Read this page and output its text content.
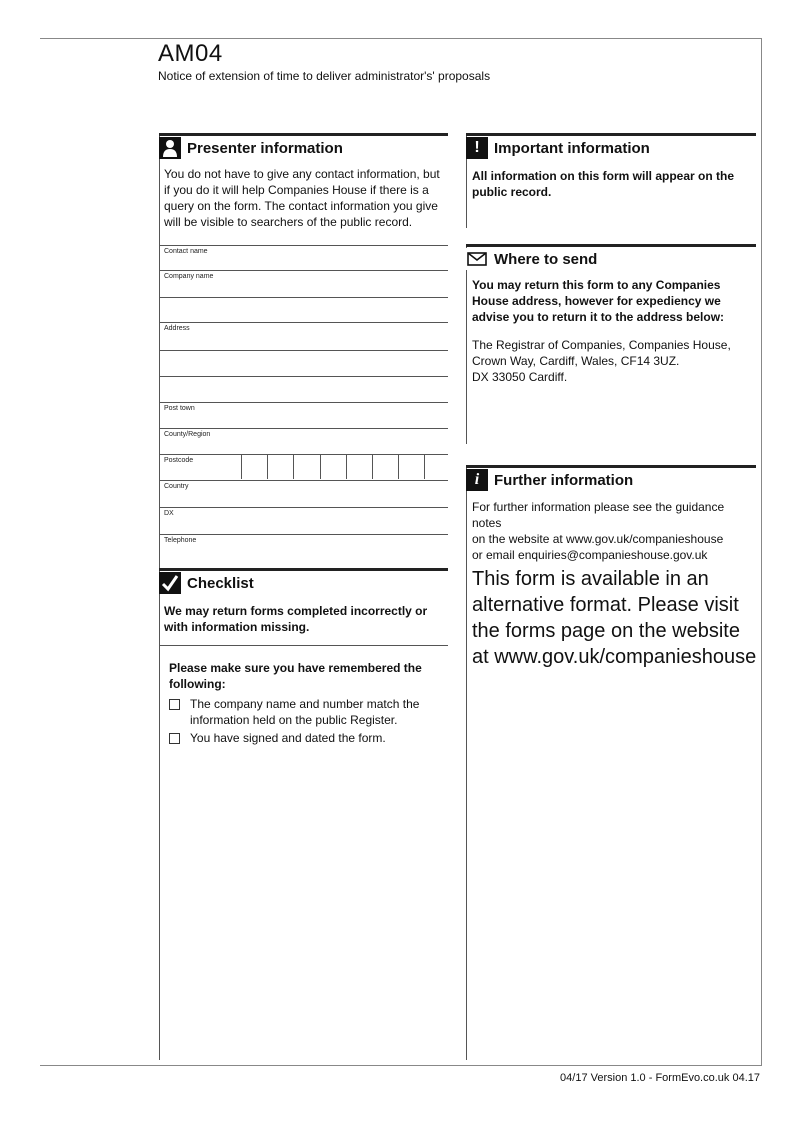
AM04
Notice of extension of time to deliver administrator's' proposals
Presenter information
You do not have to give any contact information, but if you do it will help Companies House if there is a query on the form. The contact information you give will be visible to searchers of the public record.
Contact name
Company name
Address
Post town
County/Region
Postcode
Country
DX
Telephone
Checklist
We may return forms completed incorrectly or with information missing.
Please make sure you have remembered the following:
The company name and number match the information held on the public Register.
You have signed and dated the form.
! Important information
All information on this form will appear on the public record.
Where to send
You may return this form to any Companies House address, however for expediency we advise you to return it to the address below:
The Registrar of Companies, Companies House,
Crown Way, Cardiff, Wales, CF14 3UZ.
DX 33050 Cardiff.
i Further information
For further information please see the guidance notes
on the website at www.gov.uk/companieshouse
or email enquiries@companieshouse.gov.uk
This form is available in an alternative format. Please visit the forms page on the website at www.gov.uk/companieshouse
04/17 Version 1.0 - FormEvo.co.uk 04.17
